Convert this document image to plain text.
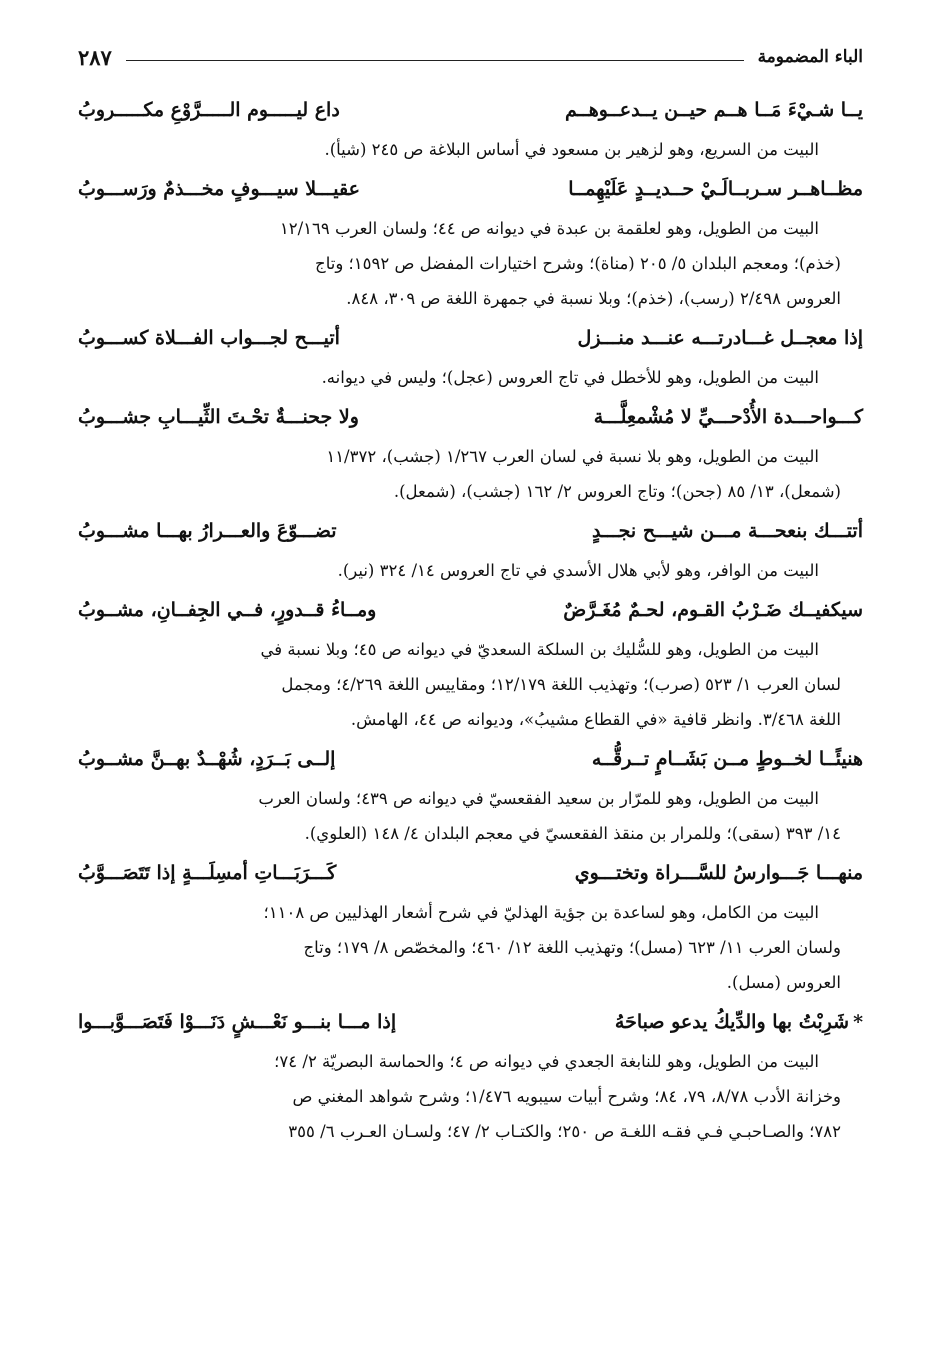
الباء المضمومة
٢٨٧
يــا شـيْءَ مَــا هــم حيــن يــدعــوهــم
داع ليـــــوم الـــــرَّوْعِ مكـــــروبُ
البيت من السريع، وهو لزهير بن مسعود في أساس البلاغة ص ٢٤٥ (شيأ).
مظــاهــر سـربــالَـيْ حــديــدٍ عَلَيْهِمــا
عقيـــلا سيـــوفٍ مخـــذمٌ ورَســـوبُ
البيت من الطويل، وهو لعلقمة بن عبدة في ديوانه ص ٤٤؛ ولسان العرب ١٢/١٦٩
(خذم)؛ ومعجم البلدان ٥/ ٢٠٥ (مناة)؛ وشرح اختيارات المفضل ص ١٥٩٢؛ وتاج
العروس ٢/٤٩٨ (رسب)، (خذم)؛ وبلا نسبة في جمهرة اللغة ص ٣٠٩، ٨٤٨.
إذا معجــل غـــادرتـــه عنـــد منـــزل
أتيـــح لجـــواب الفـــلاة كســـوبُ
البيت من الطويل، وهو للأخطل في تاج العروس (عجل)؛ وليس في ديوانه.
كـــواحـــدة الأُدْحـــيِّ لا مُشْمعِلَّـــة
ولا جحنـــةٌ تحْـتَ الثِّيـــابِ جشـــوبُ
البيت من الطويل، وهو بلا نسبة في لسان العرب ١/٢٦٧ (جشب)، ١١/٣٧٢
(شمعل)، ١٣/ ٨٥ (جحن)؛ وتاج العروس ٢/ ١٦٢ (جشب)، (شمعل).
أتتـــك بنعحـــة مـــن شيـــح نجـــدٍ
تضـــوّعَ والعـــرارُ بهـــا مشـــوبُ
البيت من الوافر، وهو لأبي هلال الأسدي في تاج العروس ١٤/ ٣٢٤ (نير).
سيكفيــك ضَـرْبُ القـوم، لحـمٌ مُغَـرَّضٌ
ومــاءُ قــدورٍ، فــي الجِفــانِ، مشــوبُ
البيت من الطويل، وهو للسُّليك بن السلكة السعديّ في ديوانه ص ٤٥؛ وبلا نسبة في
لسان العرب ١/ ٥٢٣ (صرب)؛ وتهذيب اللغة ١٢/١٧٩؛ ومقاييس اللغة ٤/٢٦٩؛ ومجمل
اللغة ٣/٤٦٨. وانظر قافية «في القطاع مشيبُ»، وديوانه ص ٤٤، الهامش.
هنيئًــا لخــوطٍ مــن بَشَــامٍ تــرقُّــه
إلــى بَــرَدٍ، شُهْــدٌ بهــنَّ مشــوبُ
البيت من الطويل، وهو للمرّار بن سعيد الفقعسيّ في ديوانه ص ٤٣٩؛ ولسان العرب
١٤/ ٣٩٣ (سقى)؛ وللمرار بن منقذ الفقعسيّ في معجم البلدان ٤/ ١٤٨ (العلوي).
منهـــا جَـــوارسُ للسَّـــراة وتختـــوي
كَـــرَبَـــاتِ أمسِلَـــةٍ إذا تَتَصَـــوَّبُ
البيت من الكامل، وهو لساعدة بن جؤية الهذليّ في شرح أشعار الهذليين ص ١١٠٨؛
ولسان العرب ١١/ ٦٢٣ (مسل)؛ وتهذيب اللغة ١٢/ ٤٦٠؛ والمخصّص ٨/ ١٧٩؛ وتاج
العروس (مسل).
*
شَرِبْتُ بها والدِّيكُ يدعو صباحَهُ
إذا مـــا بنـــو نَعْـــشٍ دَنَـــوْا فَتَصَـــوَّبـــوا
البيت من الطويل، وهو للنابغة الجعدي في ديوانه ص ٤؛ والحماسة البصريّة ٢/ ٧٤؛
وخزانة الأدب ٨/٧٨، ٧٩، ٨٤؛ وشرح أبيات سيبويه ١/٤٧٦؛ وشرح شواهد المغني ص
٧٨٢؛ والصـاحبـي فـي فقـه اللغـة ص ٢٥٠؛ والكتـاب ٢/ ٤٧؛ ولسـان العـرب ٦/ ٣٥٥
